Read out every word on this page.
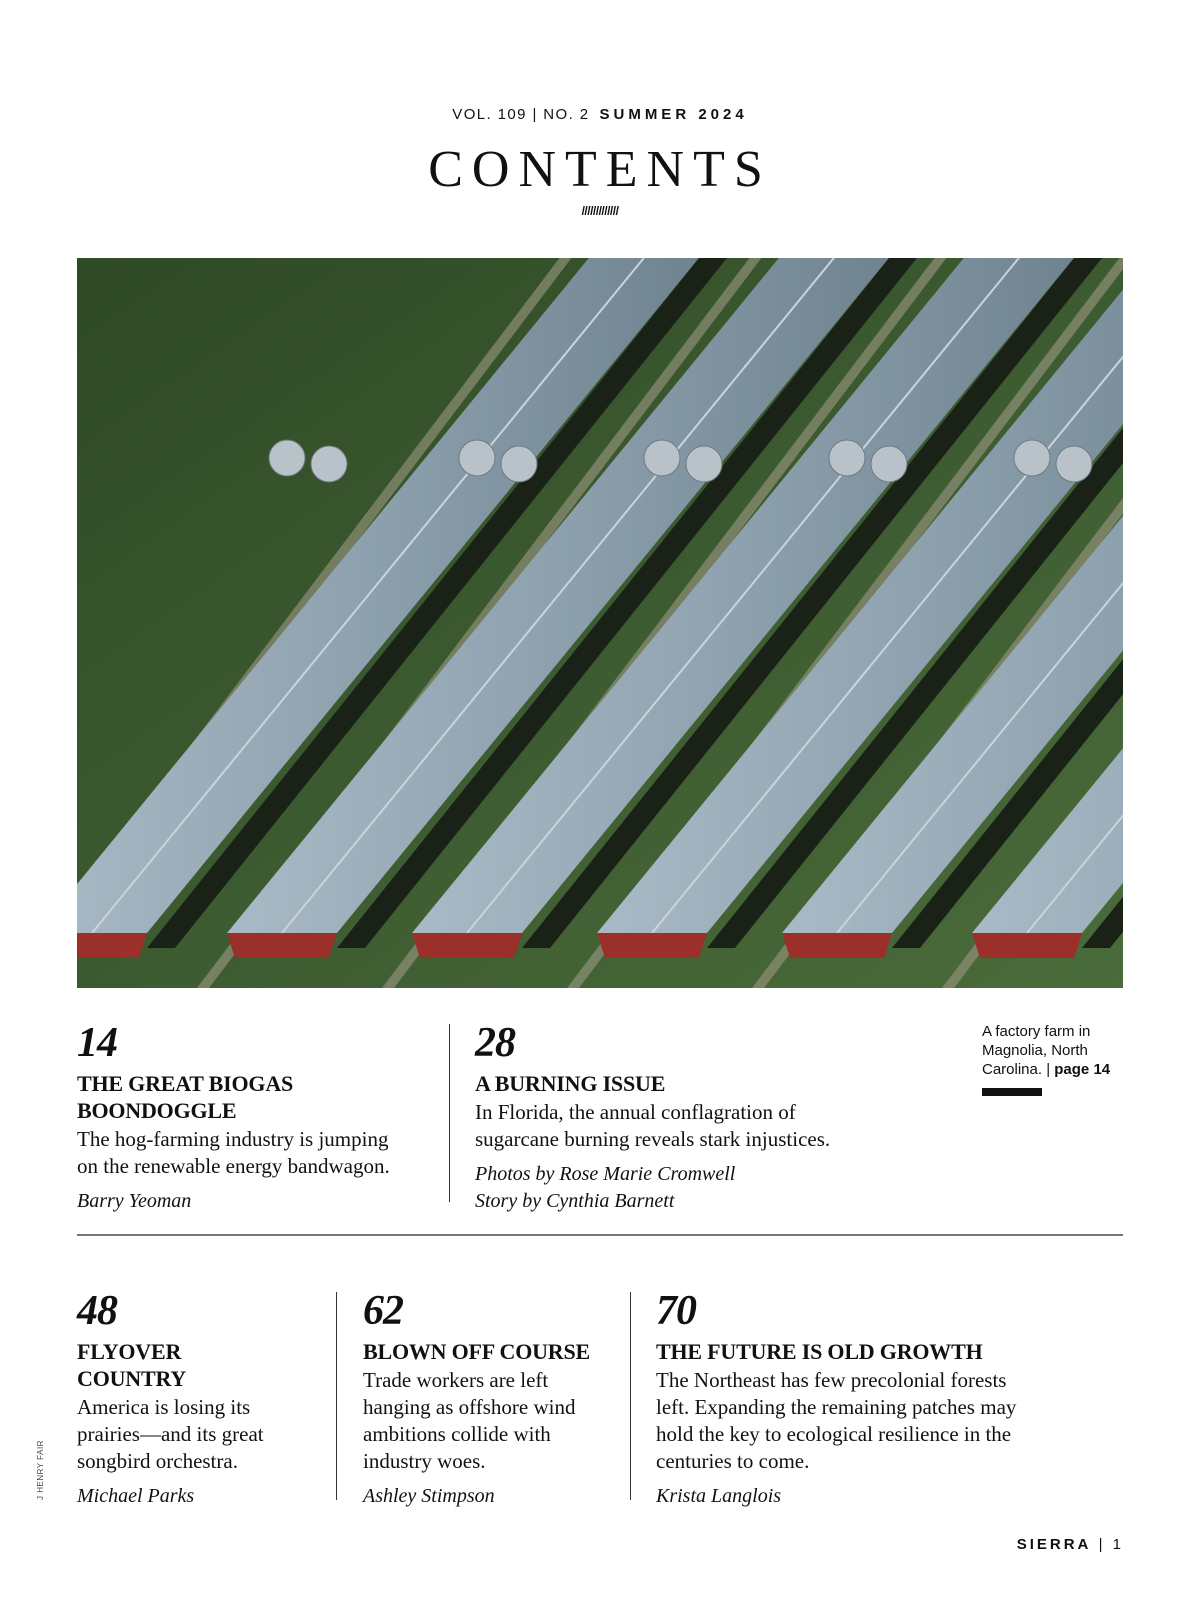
VOL. 109 | NO. 2 SUMMER 2024
CONTENTS
/////////////
14
THE GREAT BIOGAS
BOONDOGGLE
The hog-farming industry is jumping
on the renewable energy bandwagon.
Barry Yeoman
28
A BURNING ISSUE
In Florida, the annual conflagration of
sugarcane burning reveals stark injustices.
Photos by Rose Marie Cromwell
Story by Cynthia Barnett
A factory farm in Magnolia, North Carolina. | page 14
48
FLYOVER
COUNTRY
America is losing its
prairies—and its great
songbird orchestra.
Michael Parks
62
BLOWN OFF COURSE
Trade workers are left
hanging as offshore wind
ambitions collide with
industry woes.
Ashley Stimpson
70
THE FUTURE IS OLD GROWTH
The Northeast has few precolonial forests
left. Expanding the remaining patches may
hold the key to ecological resilience in the
centuries to come.
Krista Langlois
J HENRY FAIR
SIERRA | 1
